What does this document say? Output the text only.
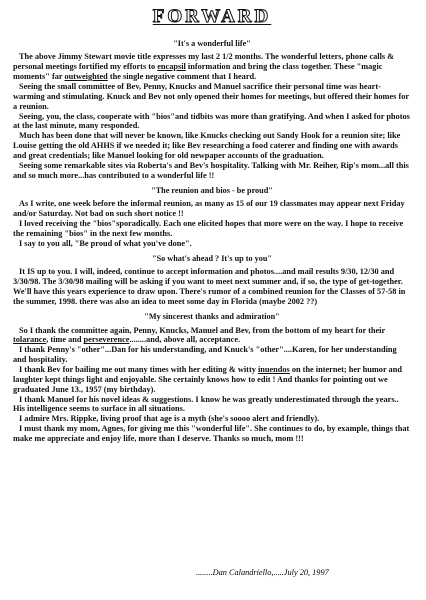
FORWARD
"It's a wonderful life"

The above Jimmy Stewart movie title expresses my last 2 1/2 months. The wonderful letters, phone calls & personal meetings fortified my efforts to encapsil information and bring the class together. These "magic moments" far outweighted the single negative comment that I heard.

Seeing the small committee of Bev, Penny, Knucks and Manuel sacrifice their personal time was heart-warming and stimulating. Knuck and Bev not only opened their homes for meetings, but offered their homes for a reunion.

Seeing, you, the class, cooperate with "bios"and tidbits was more than gratifying. And when I asked for photos at the last minute, many responded.

Much has been done that will never be known, like Knucks checking out Sandy Hook for a reunion site; like Louise getting the old AHHS if we needed it; like Bev researching a food caterer and finding one with awards and great credentials; like Manuel looking for old newpaper accounts of the graduation.

Seeing some remarkable sites via Roberta's and Bev's hospitality. Talking with Mr. Reiher, Rip's mom...all this and so much more...has contributed to a wonderful life !!

"The reunion and bios - be proud"

As I write, one week before the informal reunion, as many as 15 of our 19 classmates may appear next Friday and/or Saturday. Not bad on such short notice !!

I loved receiving the "bios"sporadically. Each one elicited hopes that more were on the way. I hope to receive the remaining "bios" in the next few months.

I say to you all, "Be proud of what you've done".

"So what's ahead ? It's up to you"

It IS up to you. I will, indeed, continue to accept information and photos....and mail results 9/30, 12/30 and 3/30/98. The 3/30/98 mailing will be asking if you want to meet next summer and, if so, the type of get-together. We'll have this years experience to draw upon. There's rumor of a combined reunion for the Classes of 57-58 in the summer, 1998. there was also an idea to meet some day in Florida (maybe 2002 ??)

"My sincerest thanks and admiration"

So I thank the committee again, Penny, Knucks, Manuel and Bev, from the bottom of my heart for their tolarance, time and perseverence........and, above all, acceptance.

I thank Penny's "other"...Dan for his understanding, and Knuck's "other"....Karen, for her understanding and hospitality.

I thank Bev for bailing me out many times with her editing & witty inuendos on the internet; her humor and laughter kept things light and enjoyable. She certainly knows how to edit ! And thanks for pointing out we graduated June 13., 1957 (my birthday).

I thank Manuel for his novel ideas & suggestions. I know he was greatly underestimated through the years.. His intelligence seems to surface in all situations.

I admire Mrs. Rippke, living proof that age is a myth (she's soooo alert and friendly).

I must thank my mom, Agnes, for giving me this "wonderful life". She continues to do, by example, things that make me appreciate and enjoy life, more than I deserve. Thanks so much, mom !!!

........Dan Calandriello,.....July 20, 1997
